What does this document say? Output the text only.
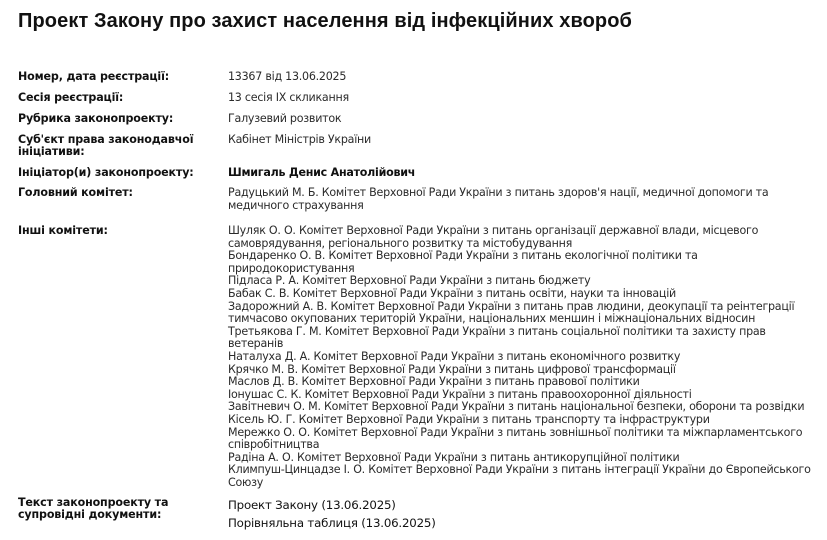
Проект Закону про захист населення від інфекційних хвороб
Номер, дата реєстрації:	13367 від 13.06.2025
Сесія реєстрації:	13 сесія IX скликання
Рубрика законопроекту:	Галузевий розвиток
Суб'єкт права законодавчої ініціативи:
Кабінет Міністрів України
Ініціатор(и) законопроекту:	Шмигаль Денис Анатолійович
Головний комітет:	Радуцький М. Б. Комітет Верховної Ради України з питань здоров'я нації, медичної допомоги та медичного страхування
Інші комітети:	Шуляк О. О. Комітет Верховної Ради України з питань організації державної влади, місцевого самоврядування, регіонального розвитку та містобудування
Бондаренко О. В. Комітет Верховної Ради України з питань екологічної політики та природокористування
Підласа Р. А. Комітет Верховної Ради України з питань бюджету
Бабак С. В. Комітет Верховної Ради України з питань освіти, науки та інновацій
Задорожний А. В. Комітет Верховної Ради України з питань прав людини, деокупації та реінтеграції тимчасово окупованих територій України, національних меншин і міжнаціональних відносин
Третьякова Г. М. Комітет Верховної Ради України з питань соціальної політики та захисту прав ветеранів
Наталуха Д. А. Комітет Верховної Ради України з питань економічного розвитку
Крячко М. В. Комітет Верховної Ради України з питань цифрової трансформації
Маслов Д. В. Комітет Верховної Ради України з питань правової політики
Іонушас С. К. Комітет Верховної Ради України з питань правоохоронної діяльності
Завітневич О. М. Комітет Верховної Ради України з питань національної безпеки, оборони та розвідки
Кісель Ю. Г. Комітет Верховної Ради України з питань транспорту та інфраструктури
Мережко О. О. Комітет Верховної Ради України з питань зовнішньої політики та міжпарламентського співробітництва
Радіна А. О. Комітет Верховної Ради України з питань антикорупційної політики
Климпуш-Цинцадзе І. О. Комітет Верховної Ради України з питань інтеграції України до Європейського Союзу
Текст законопроекту та супровідні документи:
Проект Закону (13.06.2025)
Порівняльна таблиця (13.06.2025)
